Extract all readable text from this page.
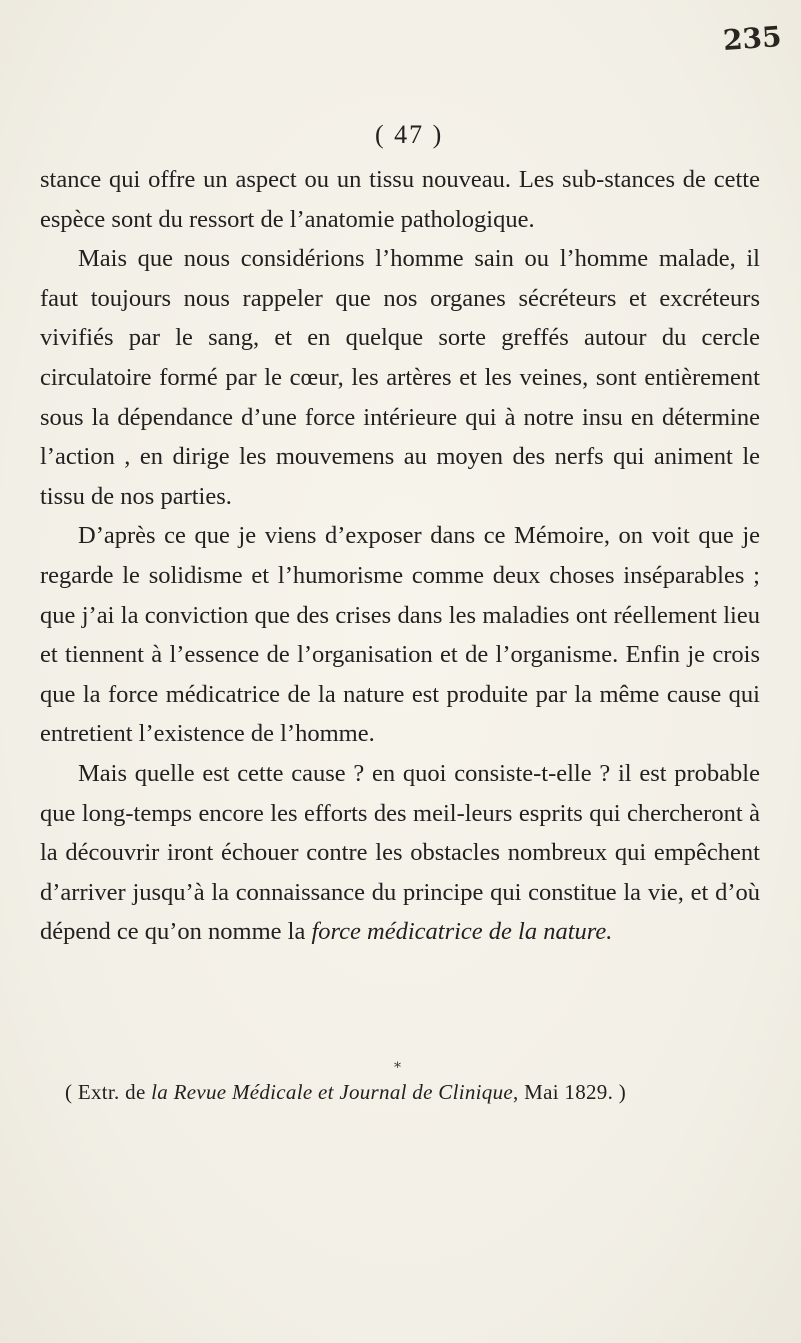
235
( 47 )

stance qui offre un aspect ou un tissu nouveau. Les sub-stances de cette espèce sont du ressort de l’anatomie pathologique.

Mais que nous considérions l’homme sain ou l’homme malade, il faut toujours nous rappeler que nos organes sécréteurs et excréteurs vivifiés par le sang, et en quelque sorte greffés autour du cercle circulatoire formé par le cœur, les artères et les veines, sont entièrement sous la dépendance d’une force intérieure qui à notre insu en détermine l’action , en dirige les mouvemens au moyen des nerfs qui animent le tissu de nos parties.

D’après ce que je viens d’exposer dans ce Mémoire, on voit que je regarde le solidisme et l’humorisme comme deux choses inséparables ; que j’ai la conviction que des crises dans les maladies ont réellement lieu et tiennent à l’essence de l’organisation et de l’organisme. Enfin je crois que la force médicatrice de la nature est produite par la même cause qui entretient l’existence de l’homme.

Mais quelle est cette cause ? en quoi consiste-t-elle ? il est probable que long-temps encore les efforts des meil-leurs esprits qui chercheront à la découvrir iront échouer contre les obstacles nombreux qui empêchent d’arriver jusqu’à la connaissance du principe qui constitue la vie, et d’où dépend ce qu’on nomme la force médicatrice de la nature.

*
( Extr. de la Revue Médicale et Journal de Clinique, Mai 1829. )
